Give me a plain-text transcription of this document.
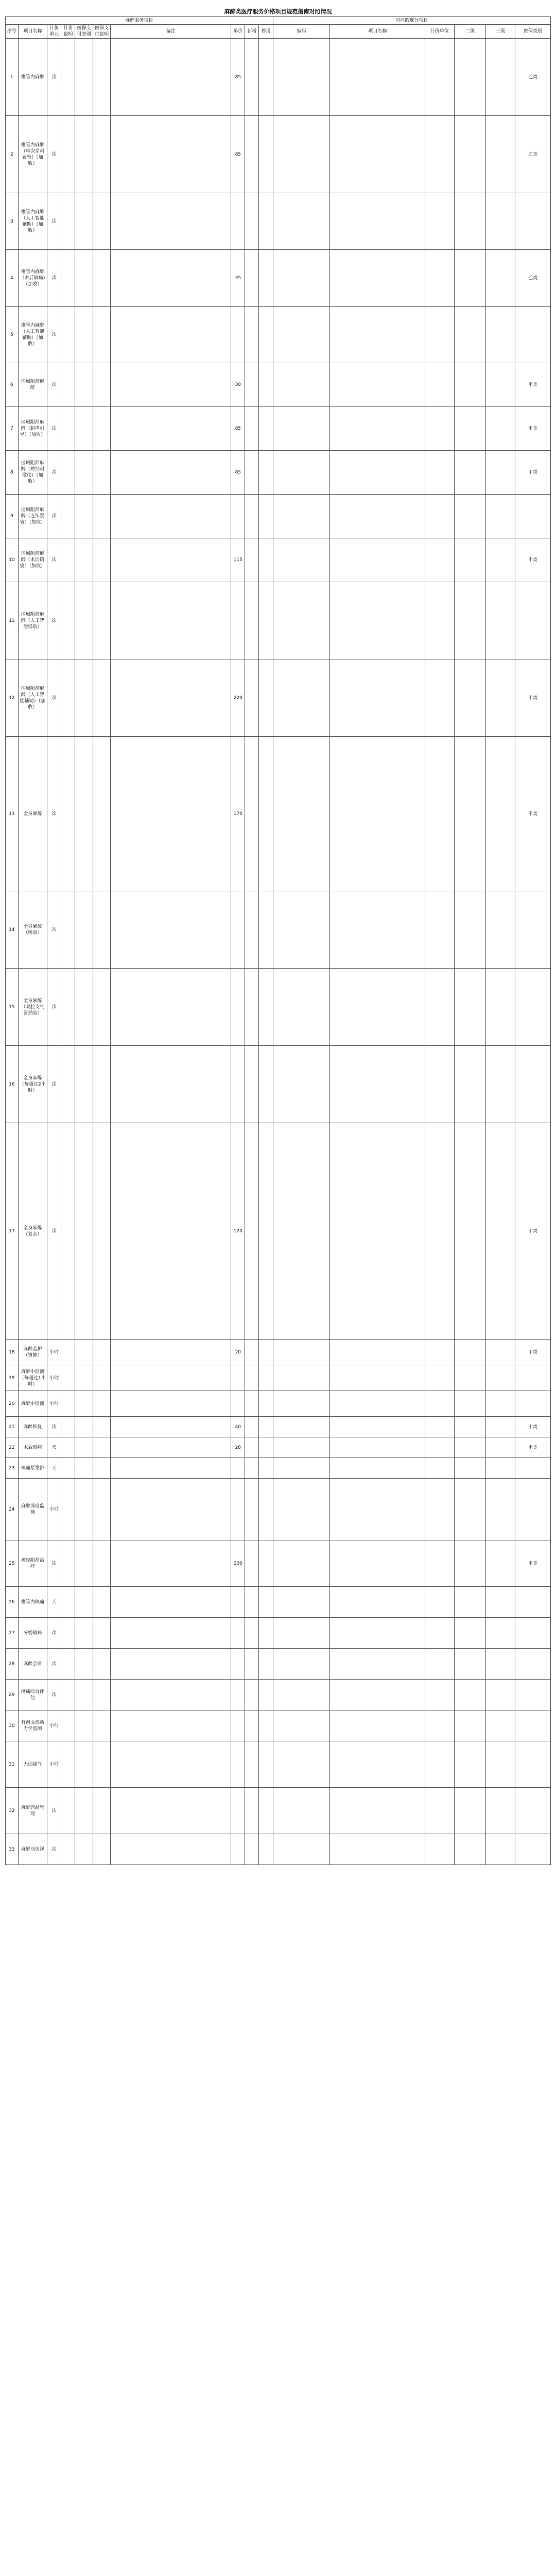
麻醉类医疗服务价格项目规范指南对照情况
麻醉服务项目										对应的现行项目					
序号	项目名称	计价单元	计价说明	医保支付类别	医保支付说明	备注	单价	新增	停用	编码	项目名称	计价单位	二级	三级	医保类别
1	椎管内麻醉	次					85								乙类
2	椎管内麻醉（单次穿刺置管）（加收）	次					85								乙类
3	椎管内麻醉（人工智能辅助）（加收）	次													
4	椎管内麻醉（术后镇痛）（加收）	次					35								乙类
5	椎管内麻醉（人工智能辅助）（加收）	次													
6	区域阻滞麻醉	次					30								甲类
7	区域阻滞麻醉（超声引导）（加收）	次					85								甲类
8	区域阻滞麻醉（神经刺激仪）（加收）	次					85								甲类
9	区域阻滞麻醉（连续置管）（加收）	次													
10	区域阻滞麻醉（术后镇痛）（加收）	次					115								甲类
11	区域阻滞麻醉（人工智能辅助）	次													
12	区域阻滞麻醉（人工智能辅助）（加收）	次					220								甲类
13	全身麻醉	次					170								甲类
14	全身麻醉（喉罩）	次													
15	全身麻醉（双腔支气管插管）	次													
16	全身麻醉（每超过2小时）	次													
17	全身麻醉（复杂）	次					120								甲类
18	麻醉监护（镇静）	小时					20								甲类
19	麻醉中监测（每超过1小时）	小时													
20	麻醉中监测	小时													
21	麻醉恢复	次					40								甲类
22	术后镇痛	天					28								甲类
23	镇痛泵维护	天													
24	麻醉深度监测	小时													
25	神经阻滞治疗	次					200								甲类
26	椎管内镇痛	天													
27	分娩镇痛	次													
28	麻醉会诊	次													
29	疼痛综合评估	次													
30	有创血流动力学监测	小时													
31	无创通气	小时													
32	麻醉药品管理	次													
33	麻醉前访视	次													
